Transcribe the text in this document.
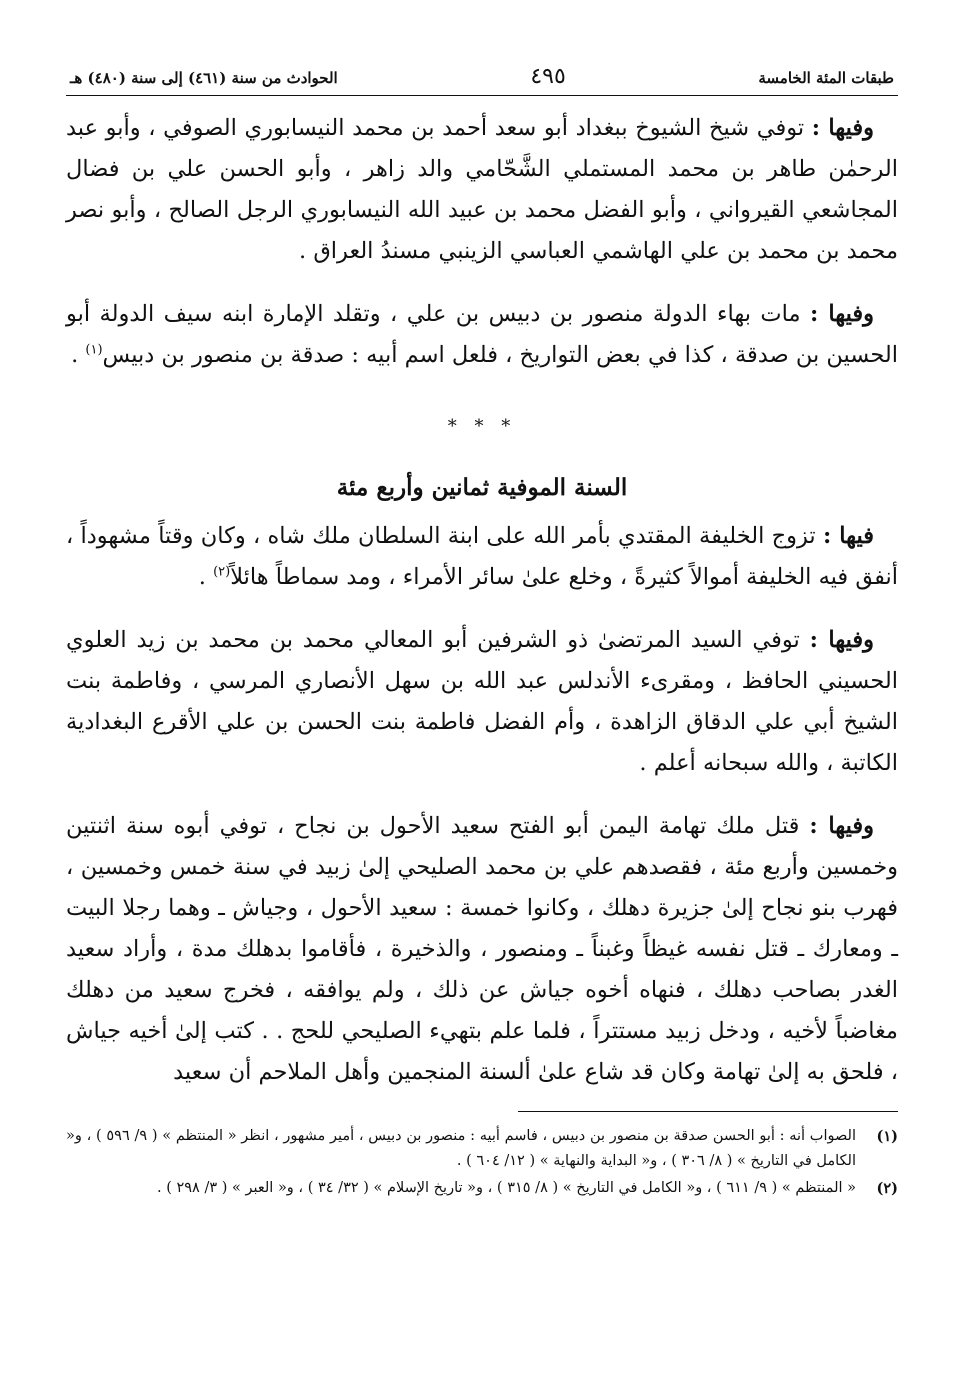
طبقات المئة الخامسة
٤٩٥
الحوادث من سنة (٤٦١) إلى سنة (٤٨٠) هـ

وفيها : توفي شيخ الشيوخ ببغداد أبو سعد أحمد بن محمد النيسابوري الصوفي ، وأبو عبد الرحمٰن طاهر بن محمد المستملي الشَّحّامي والد زاهر ، وأبو الحسن علي بن فضال المجاشعي القيرواني ، وأبو الفضل محمد بن عبيد الله النيسابوري الرجل الصالح ، وأبو نصر محمد بن محمد بن علي الهاشمي العباسي الزينبي مسندُ العراق .

وفيها : مات بهاء الدولة منصور بن دبيس بن علي ، وتقلد الإمارة ابنه سيف الدولة أبو الحسين بن صدقة ، كذا في بعض التواريخ ، فلعل اسم أبيه : صدقة بن منصور بن دبيس$^{(١)}$ .

* * *
السنة الموفية ثمانين وأربع مئة

فيها : تزوج الخليفة المقتدي بأمر الله على ابنة السلطان ملك شاه ، وكان وقتاً مشهوداً ، أنفق فيه الخليفة أموالاً كثيرةً ، وخلع علىٰ سائر الأمراء ، ومد سماطاً هائلاً$^{(٢)}$ .

وفيها : توفي السيد المرتضىٰ ذو الشرفين أبو المعالي محمد بن محمد بن زيد العلوي الحسيني الحافظ ، ومقرىء الأندلس عبد الله بن سهل الأنصاري المرسي ، وفاطمة بنت الشيخ أبي علي الدقاق الزاهدة ، وأم الفضل فاطمة بنت الحسن بن علي الأقرع البغدادية الكاتبة ، والله سبحانه أعلم .

وفيها : قتل ملك تهامة اليمن أبو الفتح سعيد الأحول بن نجاح ، توفي أبوه سنة اثنتين وخمسين وأربع مئة ، فقصدهم علي بن محمد الصليحي إلىٰ زبيد في سنة خمس وخمسين ، فهرب بنو نجاح إلىٰ جزيرة دهلك ، وكانوا خمسة : سعيد الأحول ، وجياش ـ وهما رجلا البيت ـ ومعارك ـ قتل نفسه غيظاً وغبناً ـ ومنصور ، والذخيرة ، فأقاموا بدهلك مدة ، وأراد سعيد الغدر بصاحب دهلك ، فنهاه أخوه جياش عن ذلك ، ولم يوافقه ، فخرج سعيد من دهلك مغاضباً لأخيه ، ودخل زبيد مستتراً ، فلما علم بتهيء الصليحي للحج . . كتب إلىٰ أخيه جياش ، فلحق به إلىٰ تهامة وكان قد شاع علىٰ ألسنة المنجمين وأهل الملاحم أن سعيد

(١)
الصواب أنه : أبو الحسن صدقة بن منصور بن دبيس ، فاسم أبيه : منصور بن دبيس ، أمير مشهور ، انظر « المنتظم » ( ٩/ ٥٩٦ ) ، و« الكامل في التاريخ » ( ٨/ ٣٠٦ ) ، و« البداية والنهاية » ( ١٢/ ٦٠٤ ) .
(٢)
« المنتظم » ( ٩/ ٦١١ ) ، و« الكامل في التاريخ » ( ٨/ ٣١٥ ) ، و« تاريخ الإسلام » ( ٣٢/ ٣٤ ) ، و« العبر » ( ٣/ ٢٩٨ ) .
